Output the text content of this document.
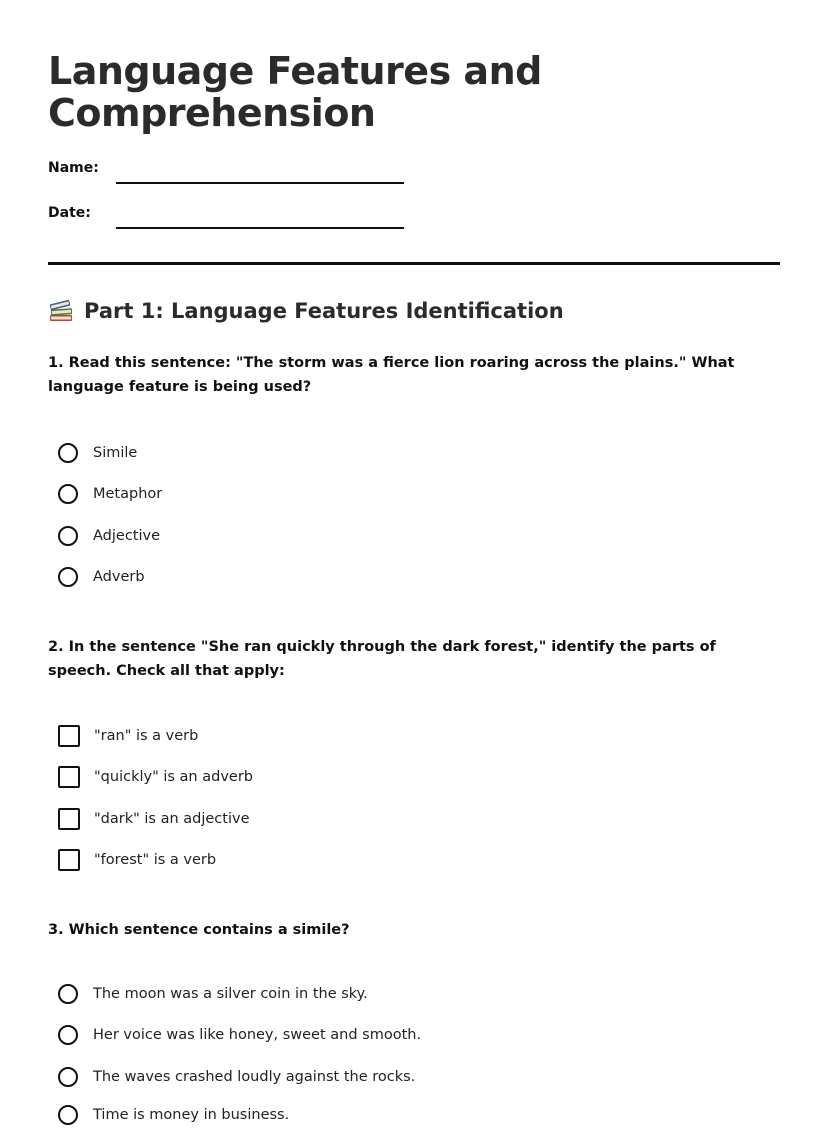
Language Features and Comprehension
Name:
Date:
Part 1: Language Features Identification
1. Read this sentence: "The storm was a fierce lion roaring across the plains." What language feature is being used?
Simile
Metaphor
Adjective
Adverb
2. In the sentence "She ran quickly through the dark forest," identify the parts of speech. Check all that apply:
"ran" is a verb
"quickly" is an adverb
"dark" is an adjective
"forest" is a verb
3. Which sentence contains a simile?
The moon was a silver coin in the sky.
Her voice was like honey, sweet and smooth.
The waves crashed loudly against the rocks.
Time is money in business.
